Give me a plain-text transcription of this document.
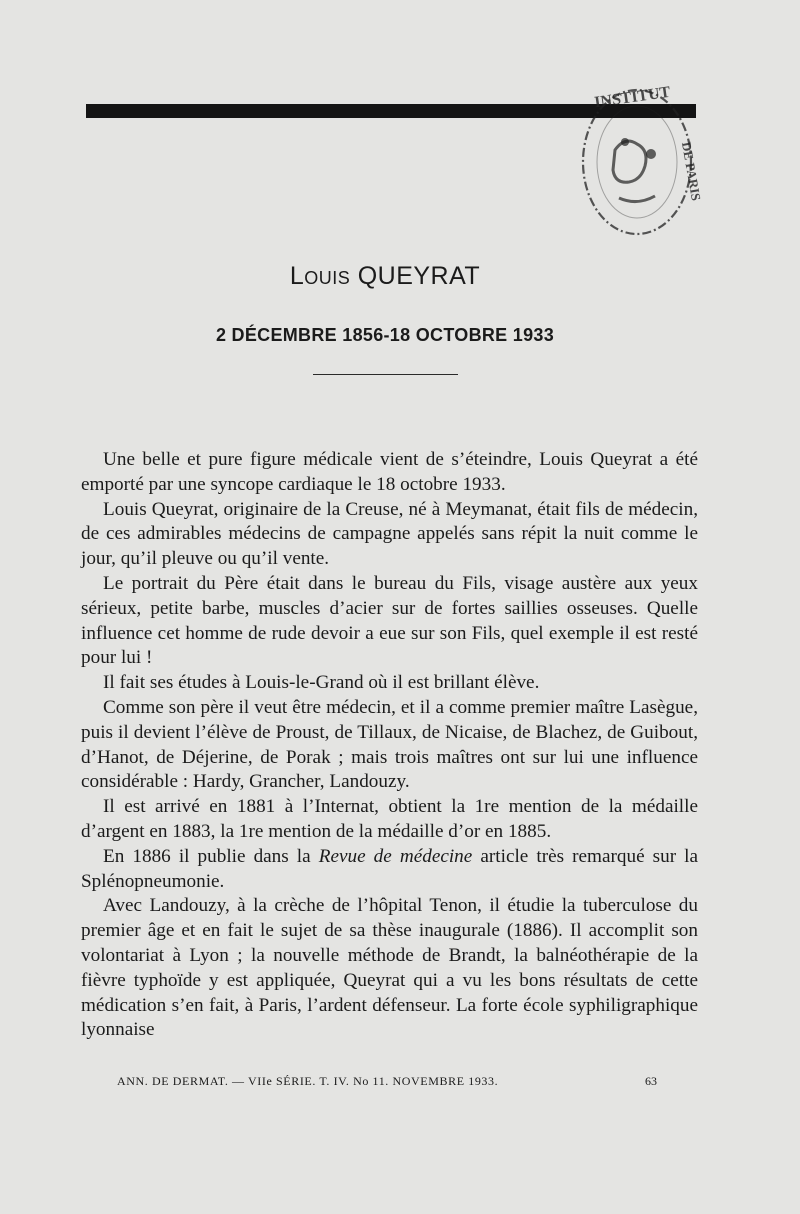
INSTITUT
DE PARIS
Louis QUEYRAT
2 DÉCEMBRE 1856-18 OCTOBRE 1933

Une belle et pure figure médicale vient de s’éteindre, Louis Queyrat a été emporté par une syncope cardiaque le 18 octobre 1933.

Louis Queyrat, originaire de la Creuse, né à Meymanat, était fils de médecin, de ces admirables médecins de campagne appelés sans répit la nuit comme le jour, qu’il pleuve ou qu’il vente.

Le portrait du Père était dans le bureau du Fils, visage austère aux yeux sérieux, petite barbe, muscles d’acier sur de fortes saillies osseuses. Quelle influence cet homme de rude devoir a eue sur son Fils, quel exemple il est resté pour lui !

Il fait ses études à Louis-le-Grand où il est brillant élève.

Comme son père il veut être médecin, et il a comme premier maître Lasègue, puis il devient l’élève de Proust, de Tillaux, de Nicaise, de Blachez, de Guibout, d’Hanot, de Déjerine, de Porak ; mais trois maîtres ont sur lui une influence considérable : Hardy, Grancher, Landouzy.

Il est arrivé en 1881 à l’Internat, obtient la 1re mention de la médaille d’argent en 1883, la 1re mention de la médaille d’or en 1885.

En 1886 il publie dans la Revue de médecine article très remarqué sur la Splénopneumonie.

Avec Landouzy, à la crèche de l’hôpital Tenon, il étudie la tuberculose du premier âge et en fait le sujet de sa thèse inaugurale (1886). Il accomplit son volontariat à Lyon ; la nouvelle méthode de Brandt, la balnéothérapie de la fièvre typhoïde y est appliquée, Queyrat qui a vu les bons résultats de cette médication s’en fait, à Paris, l’ardent défenseur. La forte école syphiligraphique lyonnaise

ANN. DE DERMAT. — VIIe SÉRIE. T. IV. No 11. NOVEMBRE 1933.	63
